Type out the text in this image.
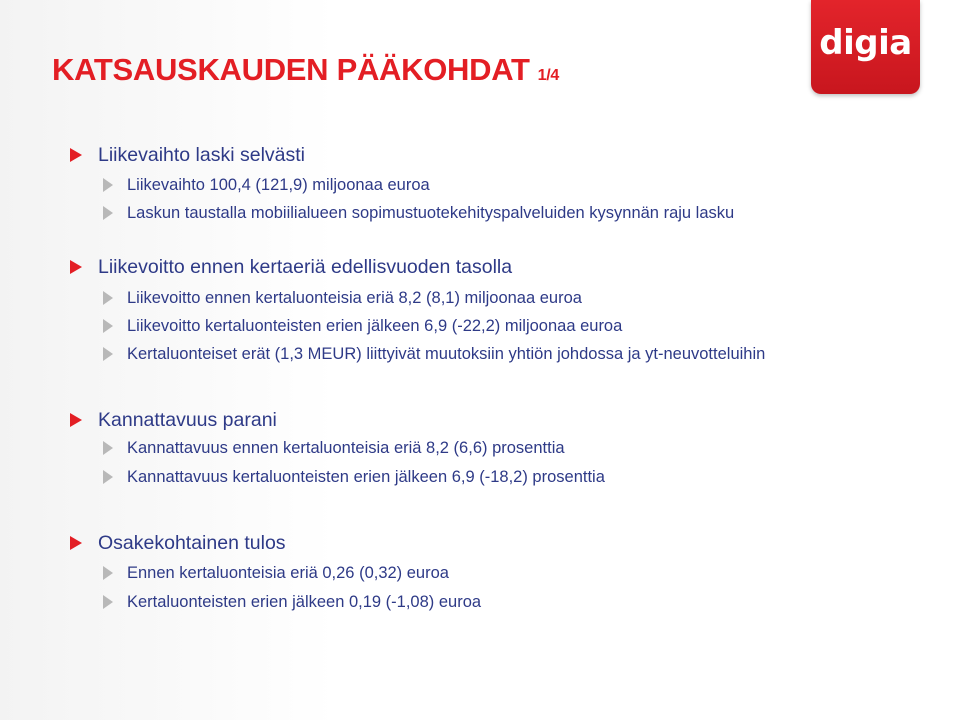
digia
KATSAUSKAUDEN PÄÄKOHDAT 1/4
Liikevaihto laski selvästi
Liikevaihto 100,4 (121,9) miljoonaa euroa
Laskun taustalla mobiilialueen sopimustuotekehityspalveluiden kysynnän raju lasku
Liikevoitto ennen kertaeriä edellisvuoden tasolla
Liikevoitto ennen kertaluonteisia eriä 8,2 (8,1) miljoonaa euroa
Liikevoitto kertaluonteisten erien jälkeen 6,9 (-22,2) miljoonaa euroa
Kertaluonteiset erät (1,3 MEUR) liittyivät muutoksiin yhtiön johdossa ja yt-neuvotteluihin
Kannattavuus parani
Kannattavuus ennen kertaluonteisia eriä 8,2 (6,6) prosenttia
Kannattavuus kertaluonteisten erien jälkeen 6,9 (-18,2) prosenttia
Osakekohtainen tulos
Ennen kertaluonteisia eriä 0,26 (0,32) euroa
Kertaluonteisten erien jälkeen 0,19 (-1,08) euroa
